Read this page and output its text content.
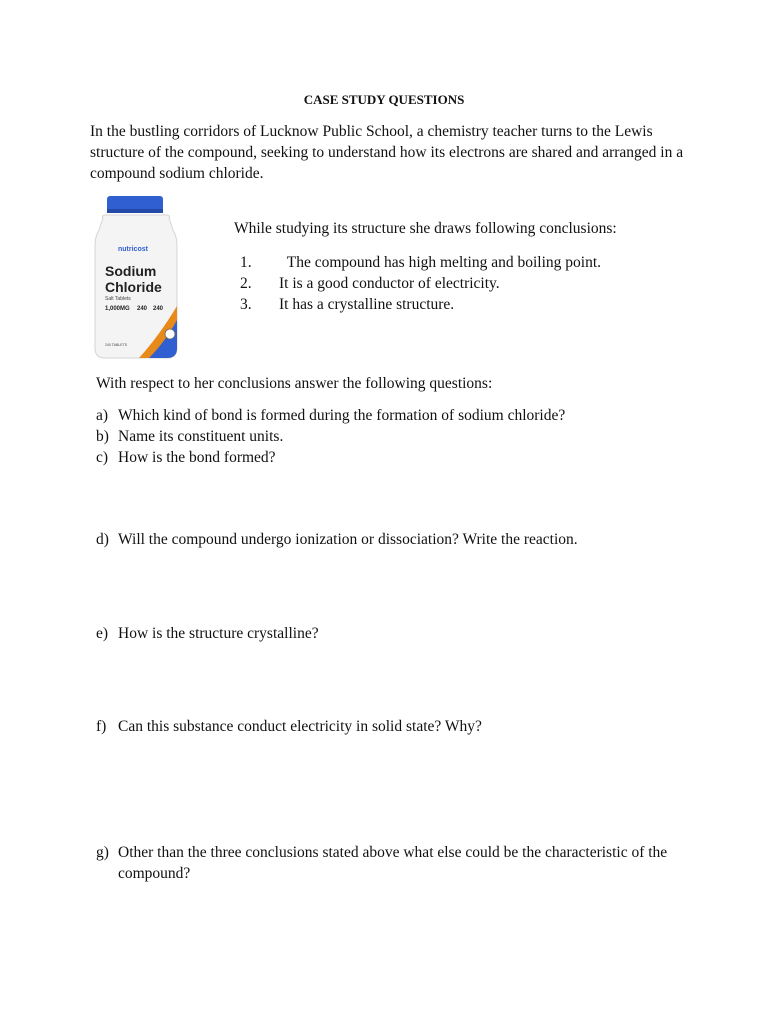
CASE STUDY QUESTIONS
In the bustling corridors of Lucknow Public School, a chemistry teacher turns to the Lewis structure of the compound, seeking to understand how its electrons are shared and arranged in a compound sodium chloride.
nutricost
Sodium
Chloride
Salt Tablets
1,000MG 240 240
240 TABLETS
While studying its structure she draws following conclusions:
1.	The compound has high melting and boiling point.
2.	It is a good conductor of electricity.
3.	It has a crystalline structure.
With respect to her conclusions answer the following questions:
a) Which kind of bond is formed during the formation of sodium chloride?
b) Name its constituent units.
c) How is the bond formed?
d) Will the compound undergo ionization or dissociation? Write the reaction.
e) How is the structure crystalline?
f) Can this substance conduct electricity in solid state? Why?
g) Other than the three conclusions stated above what else could be the characteristic of the compound?
